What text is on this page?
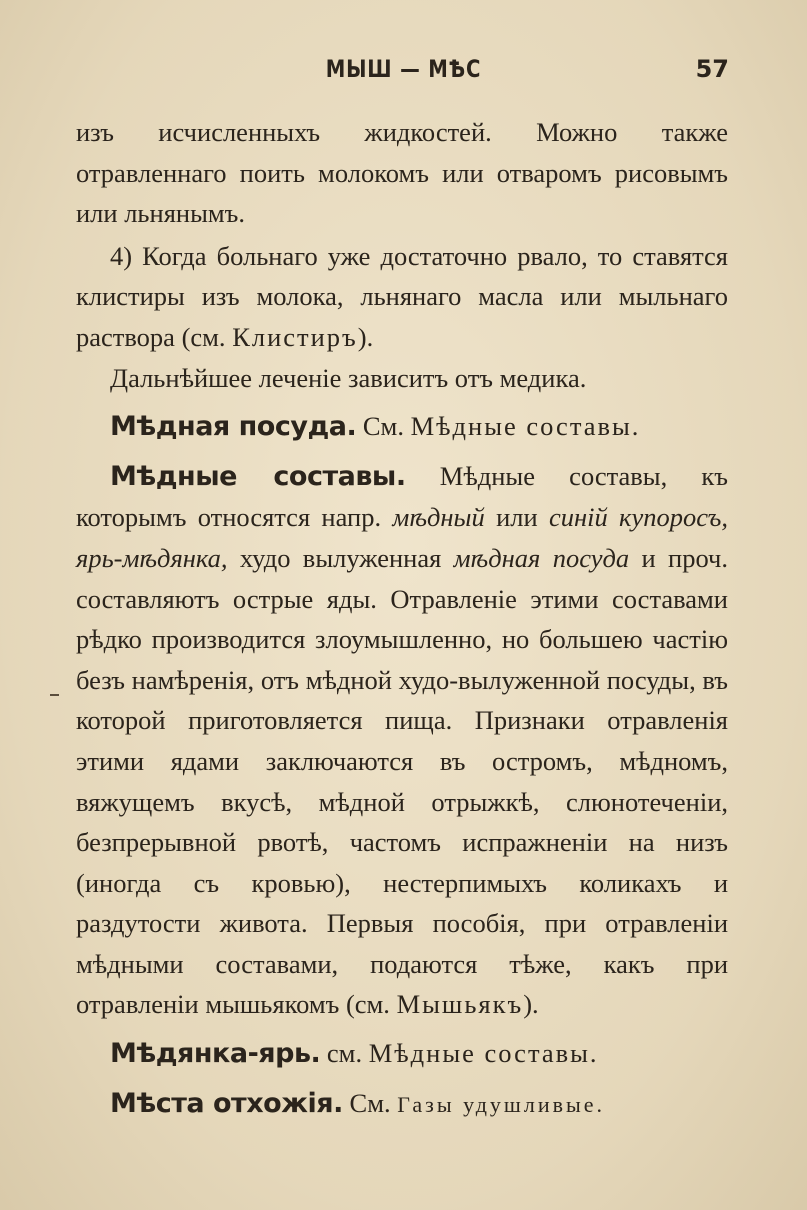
МЫШ — МѢС	57

изъ исчисленныхъ жидкостей. Можно также отравленнаго поить молокомъ или отваромъ рисовымъ или льнянымъ.

4) Когда больнаго уже достаточно рвало, то ставятся клистиры изъ молока, льнянаго масла или мыльнаго раствора (см. Клистиръ).

Дальнѣйшее леченіе зависитъ отъ медика.

Мѣдная посуда. См. Мѣдные составы.

Мѣдные составы. Мѣдные составы, къ которымъ относятся напр. мѣдный или синій купоросъ, ярь-мѣдянка, худо вылуженная мѣдная посуда и проч. составляютъ острые яды. Отравленіе этими составами рѣдко производится злоумышленно, но большею частію безъ намѣренія, отъ мѣдной худо-вылуженной посуды, въ которой приготовляется пища. Признаки отравленія этими ядами заключаются въ остромъ, мѣдномъ, вяжущемъ вкусѣ, мѣдной отрыжкѣ, слюнотеченіи, безпрерывной рвотѣ, частомъ испражненіи на низъ (иногда съ кровью), нестерпимыхъ коликахъ и раздутости живота. Первыя пособія, при отравленіи мѣдными составами, подаются тѣже, какъ при отравленіи мышьякомъ (см. Мышьякъ).

Мѣдянка-ярь. см. Мѣдные составы.

Мѣста отхожія. См. Газы удушливые.
